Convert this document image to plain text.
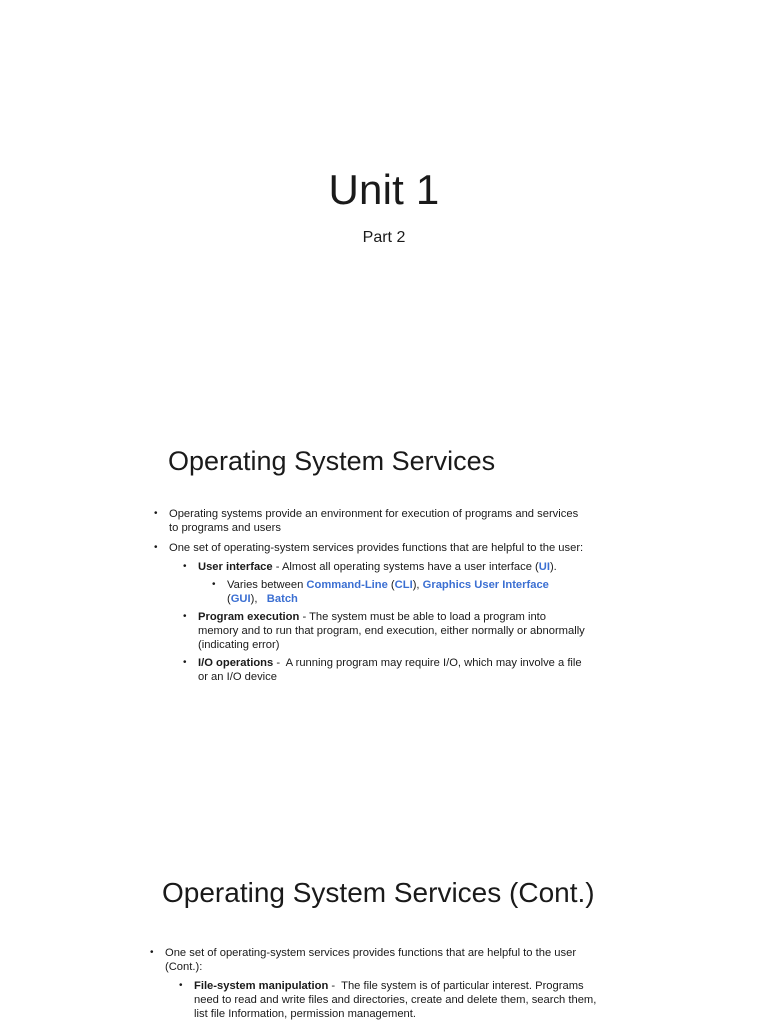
Unit 1
Part 2
Operating System Services
• Operating systems provide an environment for execution of programs and services to programs and users
• One set of operating-system services provides functions that are helpful to the user:
• User interface - Almost all operating systems have a user interface (UI).
• Varies between Command-Line (CLI), Graphics User Interface
(GUI),   Batch
• Program execution - The system must be able to load a program into memory and to run that program, end execution, either normally or abnormally (indicating error)
• I/O operations -  A running program may require I/O, which may involve a file or an I/O device
Operating System Services (Cont.)
• One set of operating-system services provides functions that are helpful to the user (Cont.):
• File-system manipulation -  The file system is of particular interest. Programs need to read and write files and directories, create and delete them, search them, list file Information, permission management.
